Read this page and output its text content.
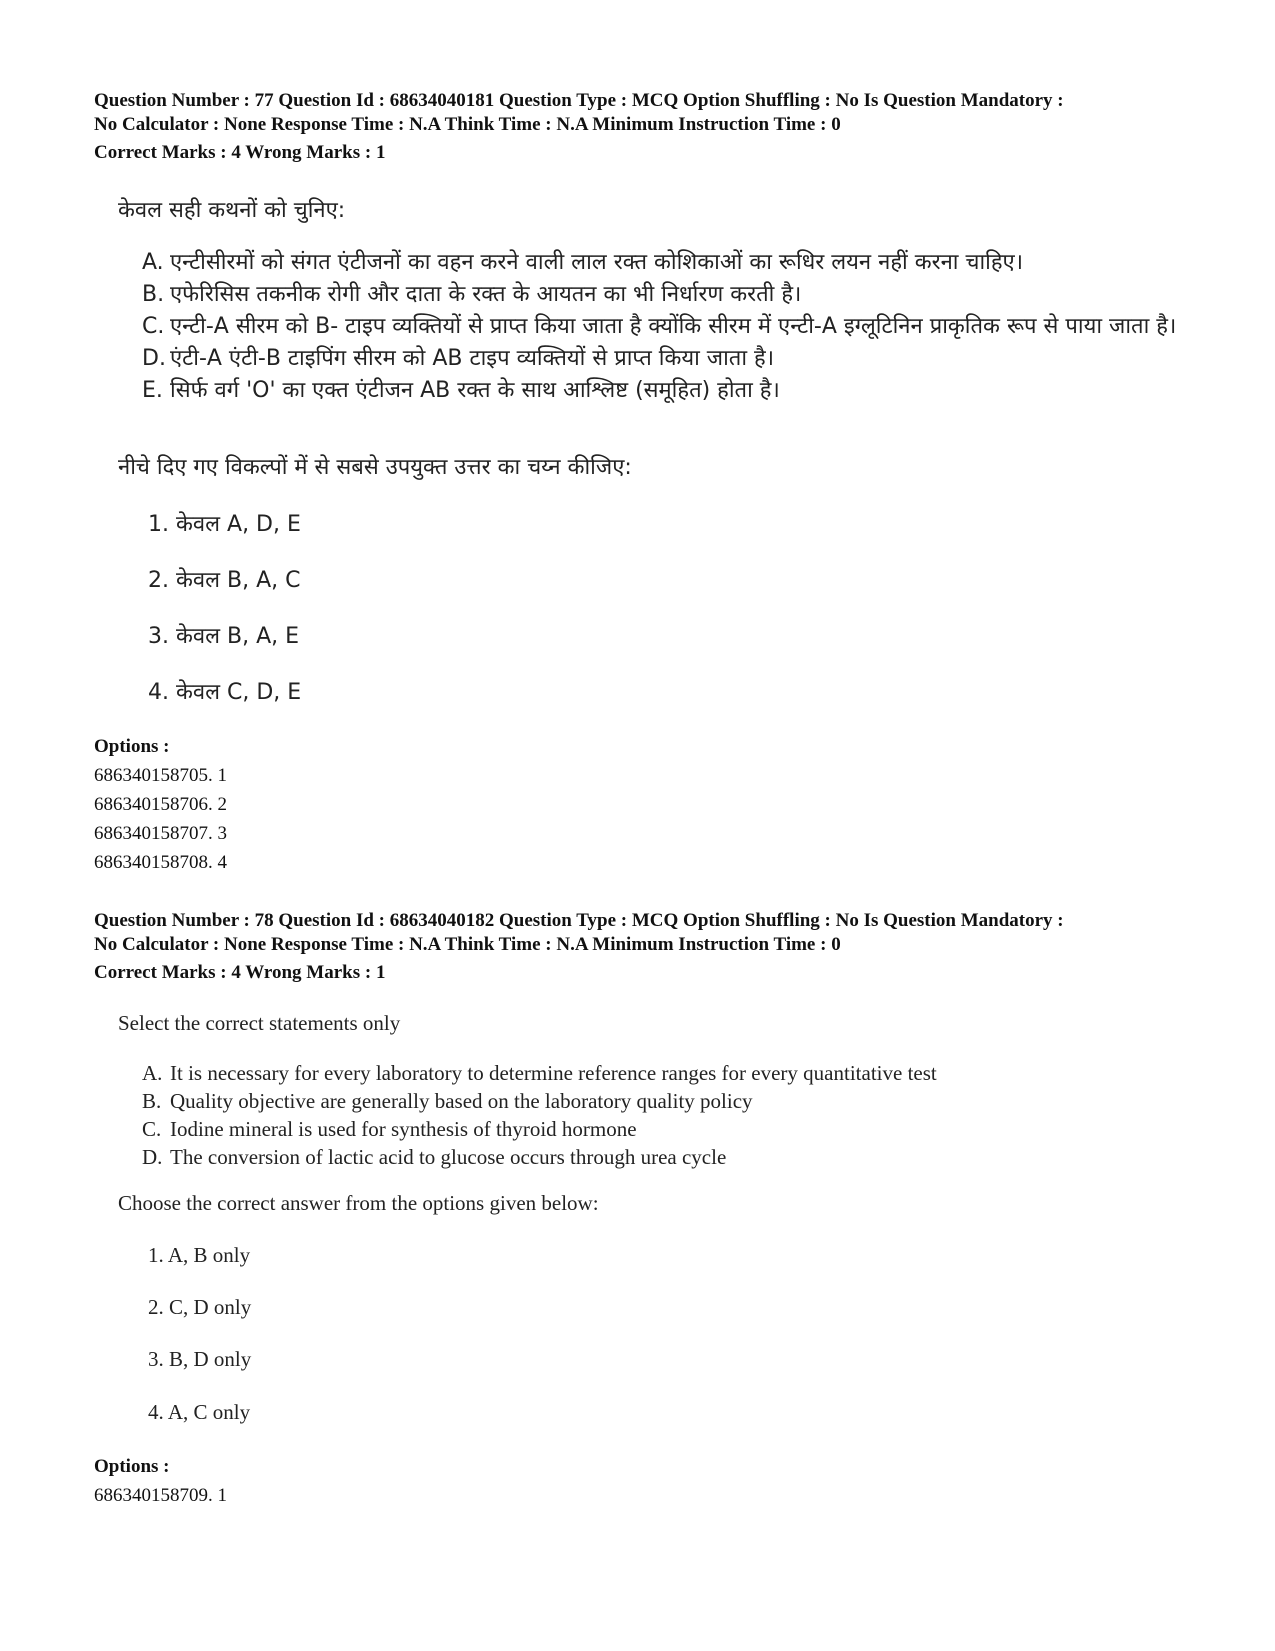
Question Number : 77 Question Id : 68634040181 Question Type : MCQ Option Shuffling : No Is Question Mandatory :
No Calculator : None Response Time : N.A Think Time : N.A Minimum Instruction Time : 0
Correct Marks : 4 Wrong Marks : 1
केवल सही कथनों को चुनिए:
A. एन्टीसीरमों को संगत एंटीजनों का वहन करने वाली लाल रक्त कोशिकाओं का रूधिर लयन नहीं करना चाहिए।
B. एफेरिसिस तकनीक रोगी और दाता के रक्त के आयतन का भी निर्धारण करती है।
C. एन्टी-A सीरम को B- टाइप व्यक्तियों से प्राप्त किया जाता है क्योंकि सीरम में एन्टी-A इग्लूटिनिन प्राकृतिक रूप से पाया जाता है।
D. एंटी-A एंटी-B टाइपिंग सीरम को AB टाइप व्यक्तियों से प्राप्त किया जाता है।
E. सिर्फ वर्ग 'O' का एक्त एंटीजन AB रक्त के साथ आश्लिष्ट (समूहित) होता है।
नीचे दिए गए विकल्पों में से सबसे उपयुक्त उत्तर का चय्न कीजिए:
1. केवल A, D, E
2. केवल B, A, C
3. केवल B, A, E
4. केवल C, D, E
Options :
686340158705. 1
686340158706. 2
686340158707. 3
686340158708. 4
Question Number : 78 Question Id : 68634040182 Question Type : MCQ Option Shuffling : No Is Question Mandatory :
No Calculator : None Response Time : N.A Think Time : N.A Minimum Instruction Time : 0
Correct Marks : 4 Wrong Marks : 1
Select the correct statements only
A. It is necessary for every laboratory to determine reference ranges for every quantitative test
B. Quality objective are generally based on the laboratory quality policy
C. Iodine mineral is used for synthesis of thyroid hormone
D. The conversion of lactic acid to glucose occurs through urea cycle
Choose the correct answer from the options given below:
1. A, B only
2. C, D only
3. B, D only
4. A, C only
Options :
686340158709. 1
